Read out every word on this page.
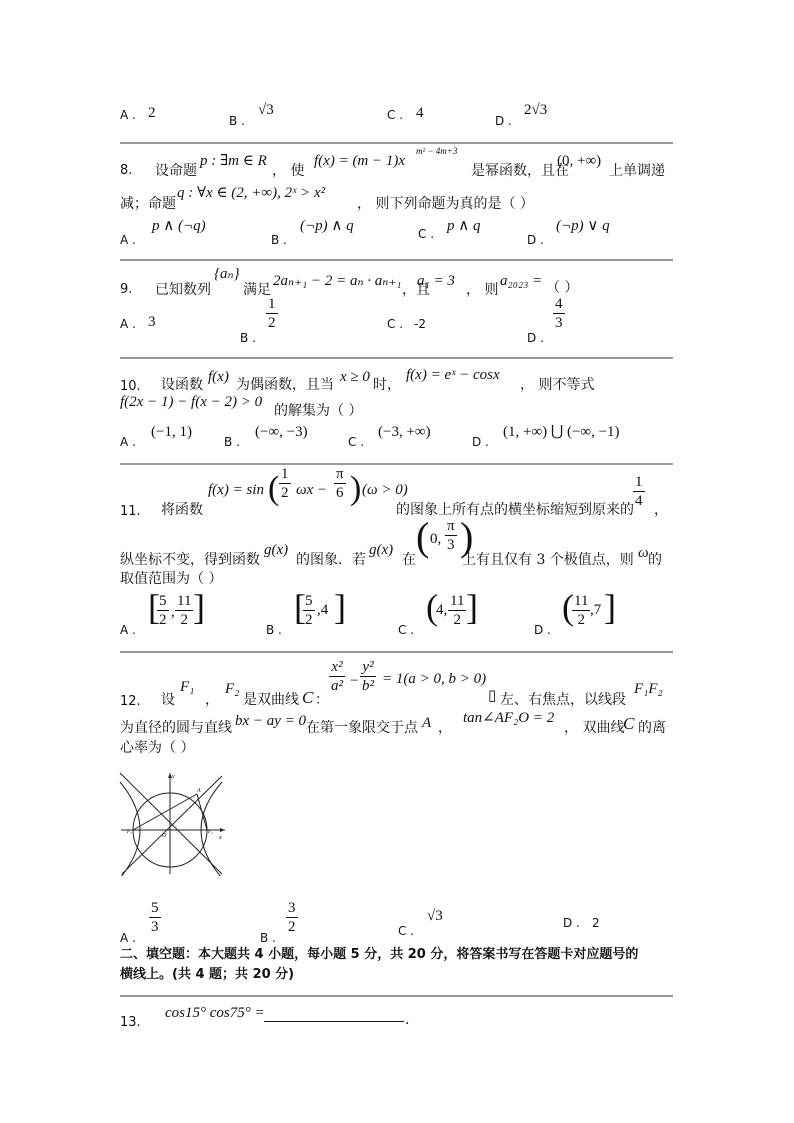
A . 2	B .
√3	C . 4	D .
2√3
8. 设命题
p : ∃m ∈ R
， 使
f(x) = (m − 1)x
m² − 4m+3
是幂函数，且在
(0, +∞)
上单调递
减；命题
q : ∀x ∈ (2, +∞), 2ˣ > x²
， 则下列命题为真的是（ ）
A .
p ∧ (¬q)
B .
(¬p) ∧ q	C . p ∧ q
D .
(¬p) ∨ q
9. 已知数列
{aₙ}
满足
2aₙ₊₁ − 2 = aₙ · aₙ₊₁
，且
a₁ = 3
， 则
a₂₀₂₃ = （ ）
A . 3
B .
1
2	C . -2
D .
4
3
10. 设函数 f(x) 为偶函数，且当 x ≥ 0 时，
f(x) = eˣ − cosx
， 则不等式
f(2x − 1) − f(x − 2) > 0
的解集为（ ）
A .
(−1, 1)
B .
(−∞, −3)
C .
(−3, +∞)
D .
(1, +∞) ⋃ (−∞, −1)
11. 将函数
f(x) = sin ( 1
2 ωx −
π
6 ) (ω > 0)
的图象上所有点的横坐标缩短到原来的
1
4
，
纵坐标不变，得到函数
g(x)
的图象．若
g(x)
在
( 0,
π
3 )
上有且仅有 3 个极值点，则 ω 的
取值范围为（ ）
A .
[ 5
2 ,
11
2 ]
B .
[ 5
2
,4 ]
C .
(
4,
11
2 ]
D .
( 11
2
,7 ]
12. 设
F₁
，
F₂
是双曲线 C ：
x²
a² −
y²
b² = 1(a > 0, b > 0)
▯ 左、右焦点，以线段
F₁F₂
为直径的圆与直线 bx − ay = 0 在第一象限交于点 A ，
tan∠AF₂O = 2
， 双曲线
C 的离
心率为（ ）
y
A
O
F₁	F₂
x
A .
5
3
B .
3
2	C .
√3	D . 2
二、填空题：本大题共 4 小题，每小题 5 分，共 20 分，将答案书写在答题卡对应题号的
横线上。(共 4 题；共 20 分)
13.
cos15° cos75° =	.
